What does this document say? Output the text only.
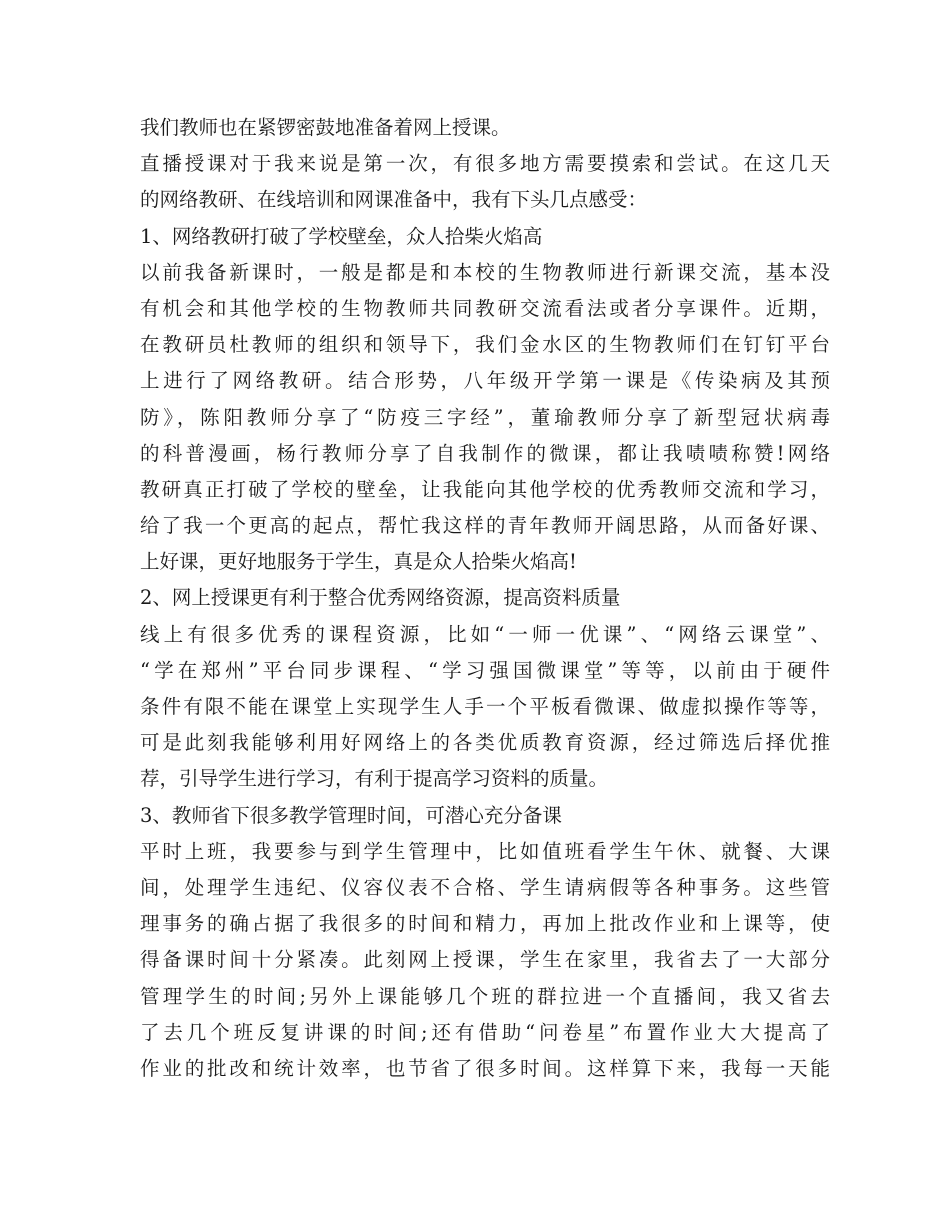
我们教师也在紧锣密鼓地准备着网上授课。
直播授课对于我来说是第一次，有很多地方需要摸索和尝试。在这几天
的网络教研、在线培训和网课准备中，我有下头几点感受：
1、网络教研打破了学校壁垒，众人拾柴火焰高
以前我备新课时，一般是都是和本校的生物教师进行新课交流，基本没
有机会和其他学校的生物教师共同教研交流看法或者分享课件。近期，
在教研员杜教师的组织和领导下，我们金水区的生物教师们在钉钉平台
上进行了网络教研。结合形势，八年级开学第一课是《传染病及其预
防》，陈阳教师分享了“防疫三字经”，董瑜教师分享了新型冠状病毒
的科普漫画，杨行教师分享了自我制作的微课，都让我啧啧称赞!网络
教研真正打破了学校的壁垒，让我能向其他学校的优秀教师交流和学习，
给了我一个更高的起点，帮忙我这样的青年教师开阔思路，从而备好课、
上好课，更好地服务于学生，真是众人拾柴火焰高!
2、网上授课更有利于整合优秀网络资源，提高资料质量
线上有很多优秀的课程资源，比如“一师一优课”、“网络云课堂”、
“学在郑州”平台同步课程、“学习强国微课堂”等等，以前由于硬件
条件有限不能在课堂上实现学生人手一个平板看微课、做虚拟操作等等，
可是此刻我能够利用好网络上的各类优质教育资源，经过筛选后择优推
荐，引导学生进行学习，有利于提高学习资料的质量。
3、教师省下很多教学管理时间，可潜心充分备课
平时上班，我要参与到学生管理中，比如值班看学生午休、就餐、大课
间，处理学生违纪、仪容仪表不合格、学生请病假等各种事务。这些管
理事务的确占据了我很多的时间和精力，再加上批改作业和上课等，使
得备课时间十分紧凑。此刻网上授课，学生在家里，我省去了一大部分
管理学生的时间;另外上课能够几个班的群拉进一个直播间，我又省去
了去几个班反复讲课的时间;还有借助“问卷星”布置作业大大提高了
作业的批改和统计效率，也节省了很多时间。这样算下来，我每一天能
